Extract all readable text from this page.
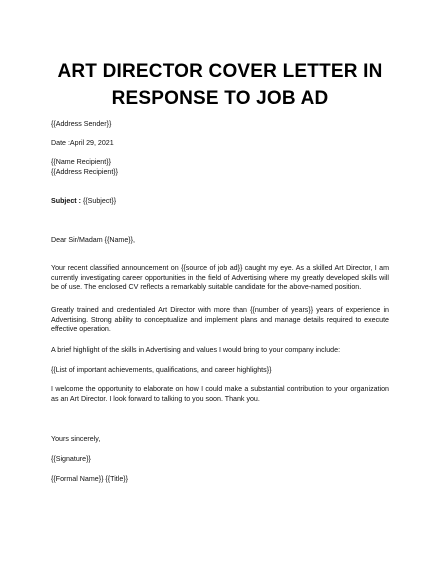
ART DIRECTOR COVER LETTER IN
RESPONSE TO JOB AD
{{Address Sender}}
Date :April 29, 2021
{{Name Recipient}}
{{Address Recipient}}
Subject : {{Subject}}
Dear Sir/Madam {{Name}},
Your recent classified announcement on {{source of job ad}} caught my eye. As a skilled Art Director, I am currently investigating career opportunities in the field of Advertising where my greatly developed skills will be of use. The enclosed CV reflects a remarkably suitable candidate for the above-named position.
Greatly trained and credentialed Art Director with more than {{number of years}} years of experience in Advertising. Strong ability to conceptualize and implement plans and manage details required to execute effective operation.
A brief highlight of the skills in Advertising and values I would bring to your company include:
{{List of important achievements, qualifications, and career highlights}}
I welcome the opportunity to elaborate on how I could make a substantial contribution to your organization as an Art Director. I look forward to talking to you soon. Thank you.
Yours sincerely,
{{Signature}}
{{Formal Name}} {{Title}}
